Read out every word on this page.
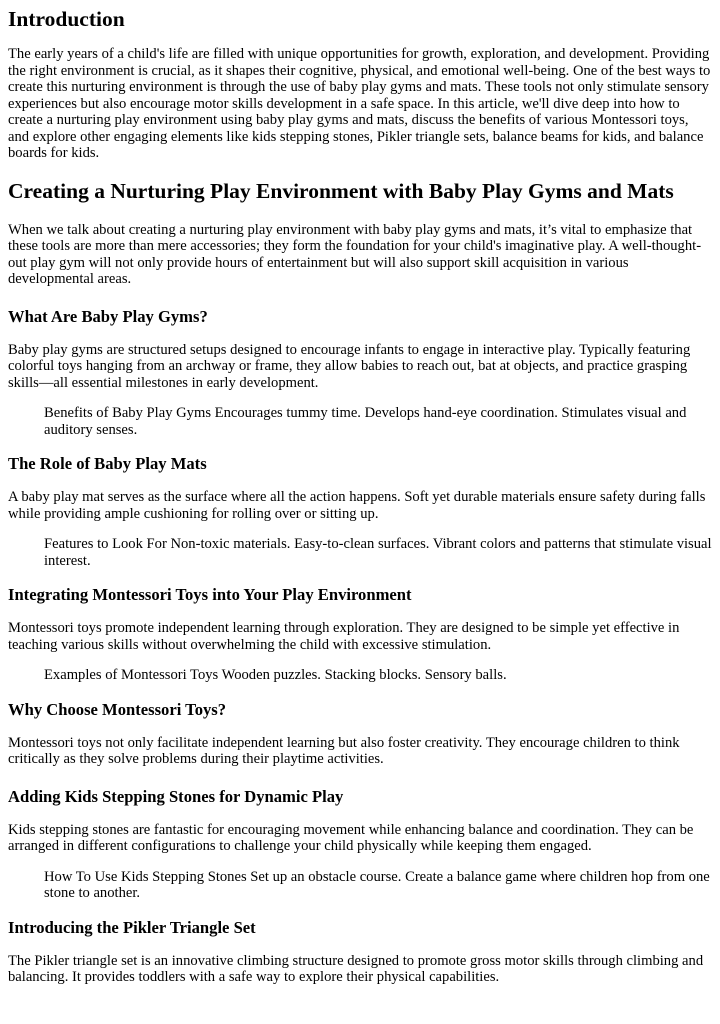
Introduction

The early years of a child's life are filled with unique opportunities for growth, exploration, and development. Providing the right environment is crucial, as it shapes their cognitive, physical, and emotional well-being. One of the best ways to create this nurturing environment is through the use of baby play gyms and mats. These tools not only stimulate sensory experiences but also encourage motor skills development in a safe space. In this article, we'll dive deep into how to create a nurturing play environment using baby play gyms and mats, discuss the benefits of various Montessori toys, and explore other engaging elements like kids stepping stones, Pikler triangle sets, balance beams for kids, and balance boards for kids.

Creating a Nurturing Play Environment with Baby Play Gyms and Mats

When we talk about creating a nurturing play environment with baby play gyms and mats, it’s vital to emphasize that these tools are more than mere accessories; they form the foundation for your child's imaginative play. A well-thought-out play gym will not only provide hours of entertainment but will also support skill acquisition in various developmental areas.

What Are Baby Play Gyms?

Baby play gyms are structured setups designed to encourage infants to engage in interactive play. Typically featuring colorful toys hanging from an archway or frame, they allow babies to reach out, bat at objects, and practice grasping skills—all essential milestones in early development.

Benefits of Baby Play Gyms Encourages tummy time. Develops hand-eye coordination. Stimulates visual and auditory senses.
The Role of Baby Play Mats

A baby play mat serves as the surface where all the action happens. Soft yet durable materials ensure safety during falls while providing ample cushioning for rolling over or sitting up.

Features to Look For Non-toxic materials. Easy-to-clean surfaces. Vibrant colors and patterns that stimulate visual interest.
Integrating Montessori Toys into Your Play Environment

Montessori toys promote independent learning through exploration. They are designed to be simple yet effective in teaching various skills without overwhelming the child with excessive stimulation.

Examples of Montessori Toys Wooden puzzles. Stacking blocks. Sensory balls.
Why Choose Montessori Toys?

Montessori toys not only facilitate independent learning but also foster creativity. They encourage children to think critically as they solve problems during their playtime activities.

Adding Kids Stepping Stones for Dynamic Play

Kids stepping stones are fantastic for encouraging movement while enhancing balance and coordination. They can be arranged in different configurations to challenge your child physically while keeping them engaged.

How To Use Kids Stepping Stones Set up an obstacle course. Create a balance game where children hop from one stone to another.
Introducing the Pikler Triangle Set

The Pikler triangle set is an innovative climbing structure designed to promote gross motor skills through climbing and balancing. It provides toddlers with a safe way to explore their physical capabilities.
